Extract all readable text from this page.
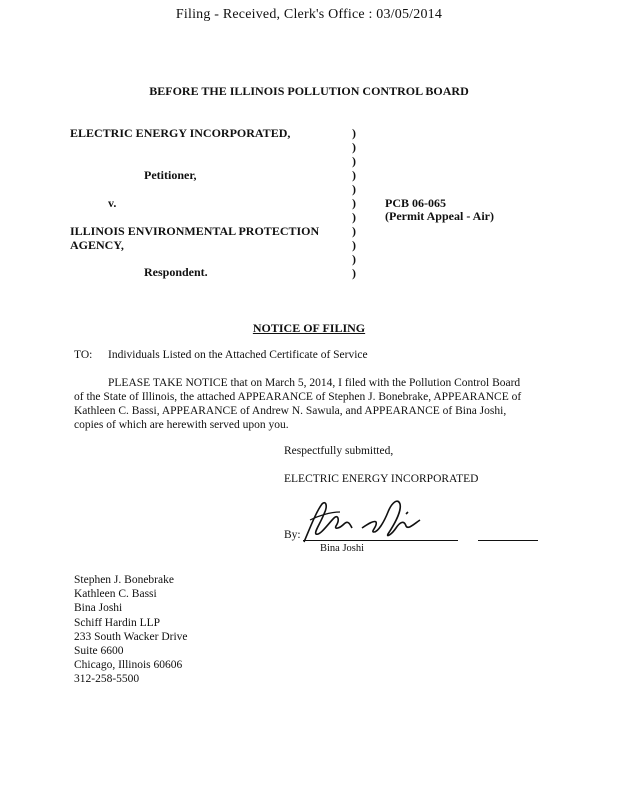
Filing - Received, Clerk's Office : 03/05/2014
BEFORE THE ILLINOIS POLLUTION CONTROL BOARD
ELECTRIC ENERGY INCORPORATED,
Petitioner,
v.
ILLINOIS ENVIRONMENTAL PROTECTION
AGENCY,
Respondent.
)
)
)
)
)
)
)
)
)
)
)
PCB 06-065
(Permit Appeal - Air)
NOTICE OF FILING
TO: Individuals Listed on the Attached Certificate of Service
PLEASE TAKE NOTICE that on March 5, 2014, I filed with the Pollution Control Board
of the State of Illinois, the attached APPEARANCE of Stephen J. Bonebrake, APPEARANCE of
Kathleen C. Bassi, APPEARANCE of Andrew N. Sawula, and APPEARANCE of Bina Joshi,
copies of which are herewith served upon you.
Respectfully submitted,
ELECTRIC ENERGY INCORPORATED
By:
Bina Joshi
Stephen J. Bonebrake
Kathleen C. Bassi
Bina Joshi
Schiff Hardin LLP
233 South Wacker Drive
Suite 6600
Chicago, Illinois 60606
312-258-5500
